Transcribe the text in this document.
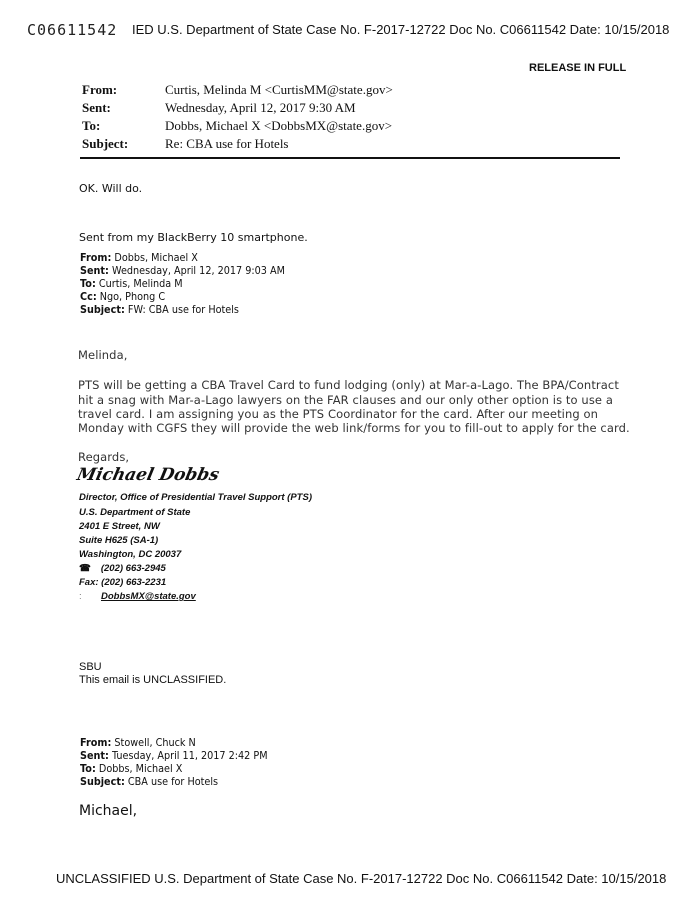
C06611542 IED U.S. Department of State Case No. F-2017-12722 Doc No. C06611542 Date: 10/15/2018
RELEASE IN FULL
From:	Curtis, Melinda M <CurtisMM@state.gov>
Sent:	Wednesday, April 12, 2017 9:30 AM
To:	Dobbs, Michael X <DobbsMX@state.gov>
Subject:	Re: CBA use for Hotels
OK. Will do.
Sent from my BlackBerry 10 smartphone.
From: Dobbs, Michael X
Sent: Wednesday, April 12, 2017 9:03 AM
To: Curtis, Melinda M
Cc: Ngo, Phong C
Subject: FW: CBA use for Hotels
Melinda,
PTS will be getting a CBA Travel Card to fund lodging (only) at Mar-a-Lago. The BPA/Contract
hit a snag with Mar-a-Lago lawyers on the FAR clauses and our only other option is to use a
travel card. I am assigning you as the PTS Coordinator for the card. After our meeting on
Monday with CGFS they will provide the web link/forms for you to fill-out to apply for the card.
Regards,
Michael Dobbs
Director, Office of Presidential Travel Support (PTS)
U.S. Department of State
2401 E Street, NW
Suite H625 (SA-1)
Washington, DC 20037
☎ (202) 663-2945
Fax: (202) 663-2231
: DobbsMX@state.gov
SBU
This email is UNCLASSIFIED.
From: Stowell, Chuck N
Sent: Tuesday, April 11, 2017 2:42 PM
To: Dobbs, Michael X
Subject: CBA use for Hotels
Michael,
UNCLASSIFIED U.S. Department of State Case No. F-2017-12722 Doc No. C06611542 Date: 10/15/2018
